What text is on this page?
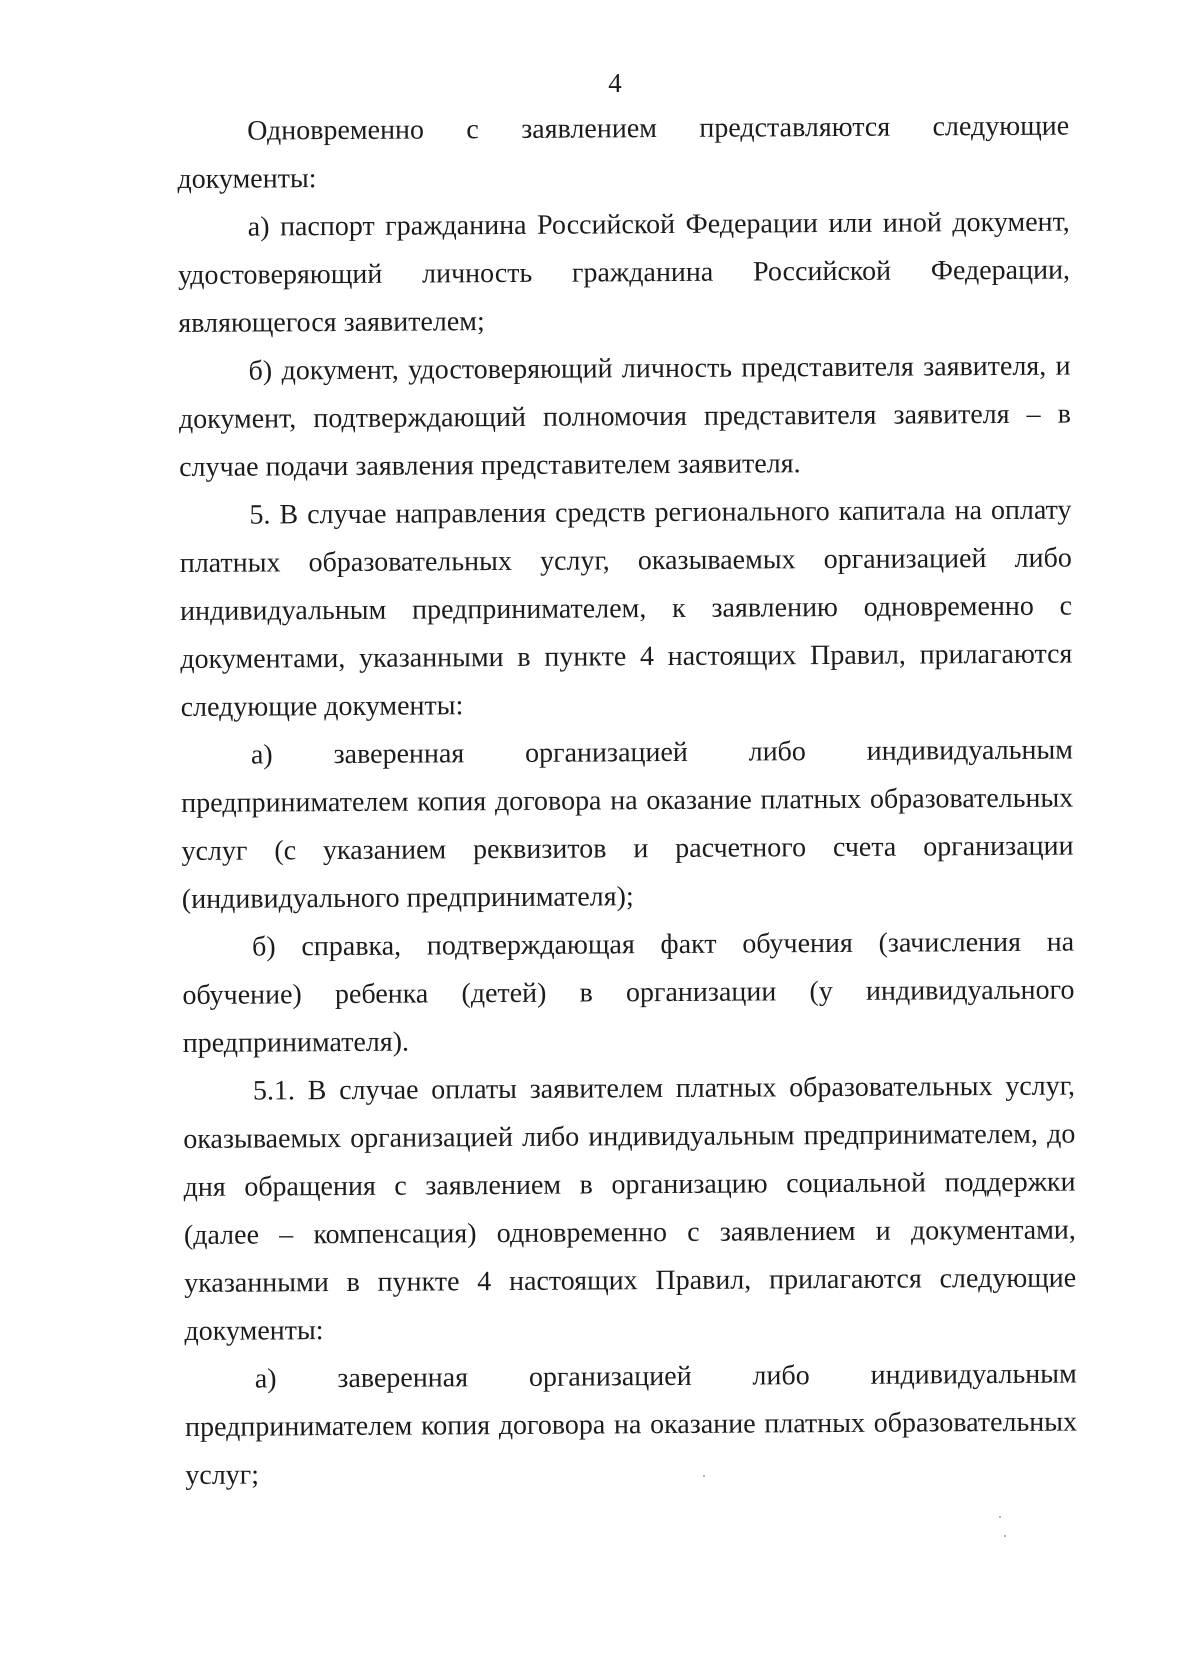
4

Одновременно с заявлением представляются следующие документы:

а) паспорт гражданина Российской Федерации или иной документ, удостоверяющий личность гражданина Российской Федерации, являющегося заявителем;

б) документ, удостоверяющий личность представителя заявителя, и документ, подтверждающий полномочия представителя заявителя – в случае подачи заявления представителем заявителя.

5. В случае направления средств регионального капитала на оплату платных образовательных услуг, оказываемых организацией либо индивидуальным предпринимателем, к заявлению одновременно с документами, указанными в пункте 4 настоящих Правил, прилагаются следующие документы:

а) заверенная организацией либо индивидуальным предпринимателем копия договора на оказание платных образовательных услуг (с указанием реквизитов и расчетного счета организации (индивидуального предпринимателя);

б) справка, подтверждающая факт обучения (зачисления на обучение) ребенка (детей) в организации (у индивидуального предпринимателя).

5.1. В случае оплаты заявителем платных образовательных услуг, оказываемых организацией либо индивидуальным предпринимателем, до дня обращения с заявлением в организацию социальной поддержки (далее – компенсация) одновременно с заявлением и документами, указанными в пункте 4 настоящих Правил, прилагаются следующие документы:

а) заверенная организацией либо индивидуальным предпринимателем копия договора на оказание платных образовательных услуг;
